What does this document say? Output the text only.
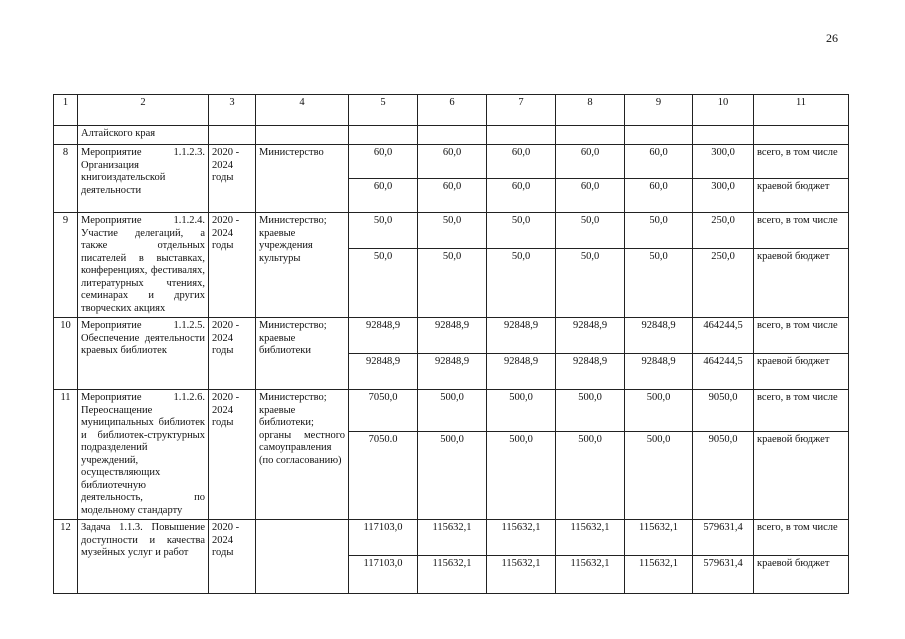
26
1	2	3	4	5	6	7	8	9	10	11
	Алтайского края									
8	Мероприятие 1.1.2.3. Организация книгоиздательской деятельности	2020 - 2024 годы	Министерство	60,0	60,0	60,0	60,0	60,0	300,0	всего, в том числе
				60,0	60,0	60,0	60,0	60,0	300,0	краевой бюджет
9	Мероприятие 1.1.2.4. Участие делегаций, а также отдельных писателей в выставках, конференциях, фестивалях, литературных чтениях, семинарах и других творческих акциях	2020 - 2024 годы	Министерство; краевые учреждения культуры	50,0	50,0	50,0	50,0	50,0	250,0	всего, в том числе
				50,0	50,0	50,0	50,0	50,0	250,0	краевой бюджет
10	Мероприятие 1.1.2.5. Обеспечение деятельности краевых библиотек	2020 - 2024 годы	Министерство; краевые библиотеки	92848,9	92848,9	92848,9	92848,9	92848,9	464244,5	всего, в том числе
				92848,9	92848,9	92848,9	92848,9	92848,9	464244,5	краевой бюджет
11	Мероприятие 1.1.2.6. Переоснащение муниципальных библиотек и библиотек-структурных подразделений учреждений, осуществляющих библиотечную деятельность, по модельному стандарту	2020 - 2024 годы	Министерство; краевые библиотеки; органы местного самоуправления (по согласованию)	7050,0	500,0	500,0	500,0	500,0	9050,0	всего, в том числе
				7050.0	500,0	500,0	500,0	500,0	9050,0	краевой бюджет
12	Задача 1.1.3. Повышение доступности и качества музейных услуг и работ	2020 - 2024 годы		117103,0	115632,1	115632,1	115632,1	115632,1	579631,4	всего, в том числе
				117103,0	115632,1	115632,1	115632,1	115632,1	579631,4	краевой бюджет
